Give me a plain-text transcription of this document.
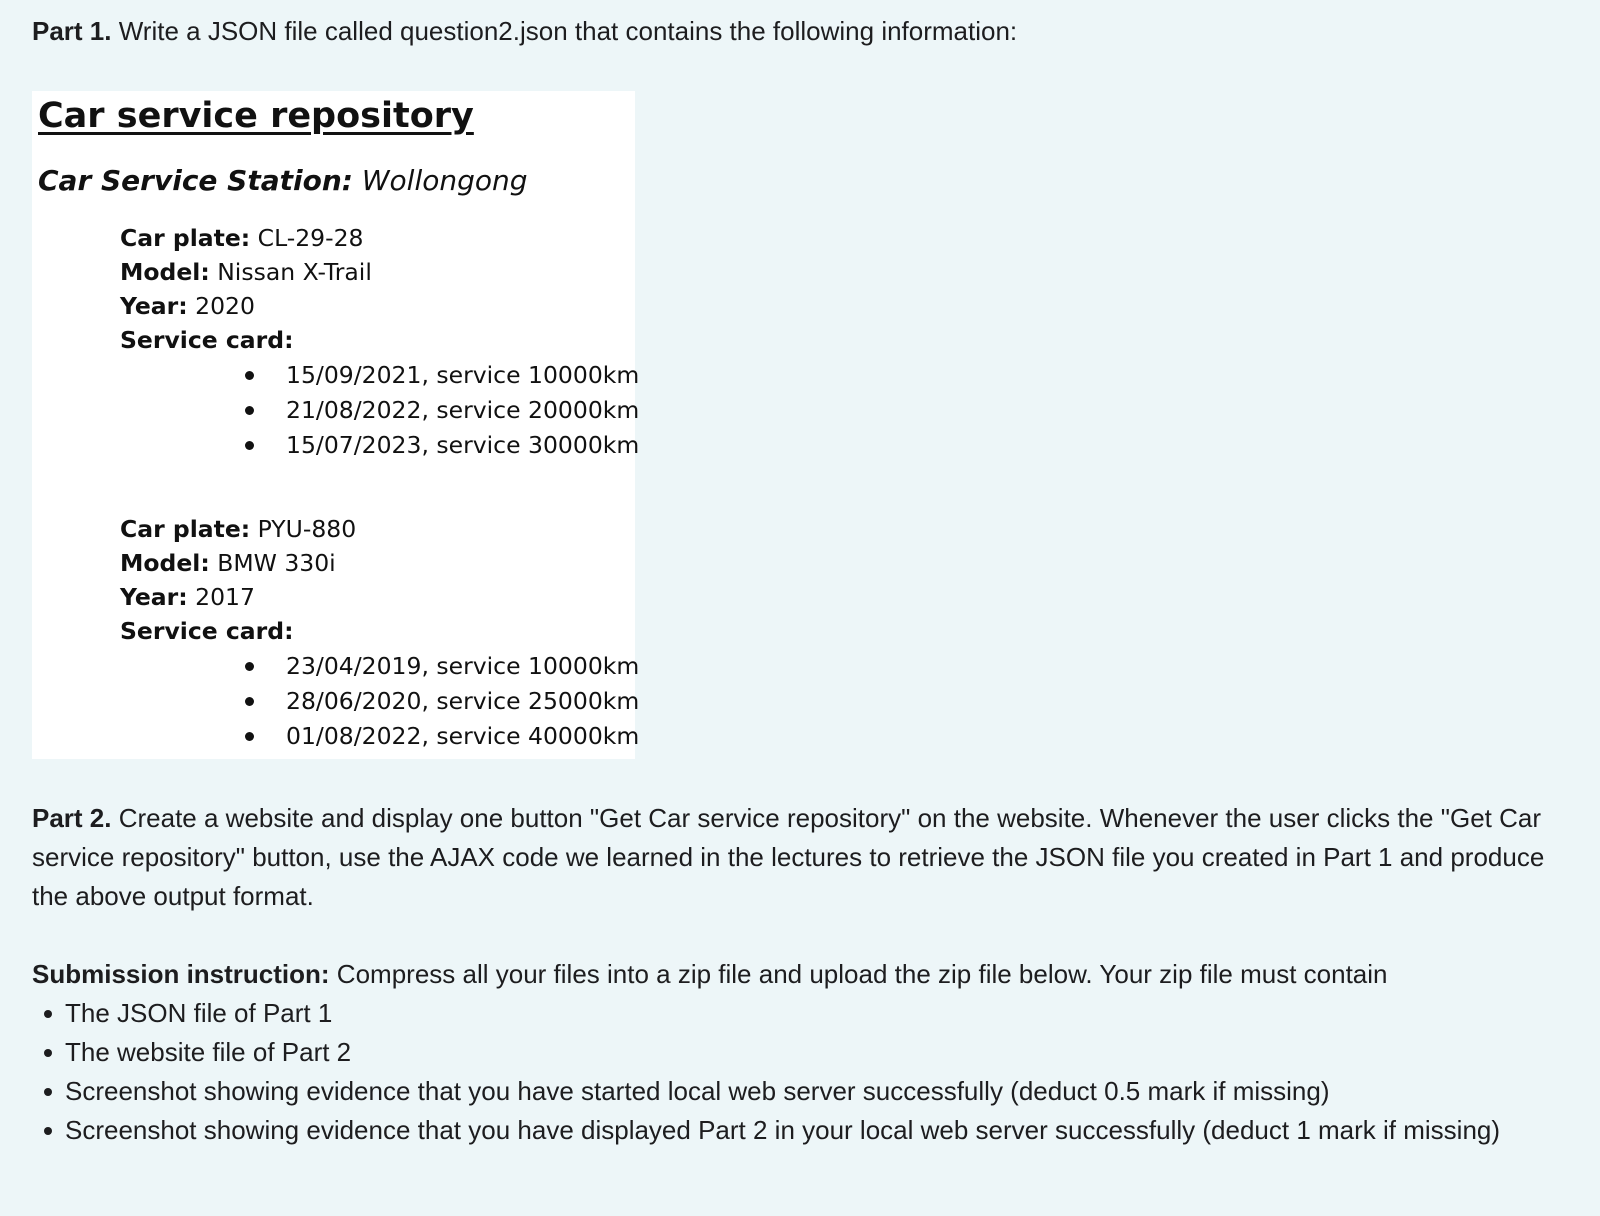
Part 1. Write a JSON file called question2.json that contains the following information:

Car service repository
Car Service Station: Wollongong
Car plate: CL-29-28
Model: Nissan X-Trail
Year: 2020
Service card:
15/09/2021, service 10000km
21/08/2022, service 20000km
15/07/2023, service 30000km
Car plate: PYU-880
Model: BMW 330i
Year: 2017
Service card:
23/04/2019, service 10000km
28/06/2020, service 25000km
01/08/2022, service 40000km

Part 2. Create a website and display one button "Get Car service repository" on the website. Whenever the user clicks the "Get Car service repository" button, use the AJAX code we learned in the lectures to retrieve the JSON file you created in Part 1 and produce the above output format.

Submission instruction: Compress all your files into a zip file and upload the zip file below. Your zip file must contain

The JSON file of Part 1
The website file of Part 2
Screenshot showing evidence that you have started local web server successfully (deduct 0.5 mark if missing)
Screenshot showing evidence that you have displayed Part 2 in your local web server successfully (deduct 1 mark if missing)
